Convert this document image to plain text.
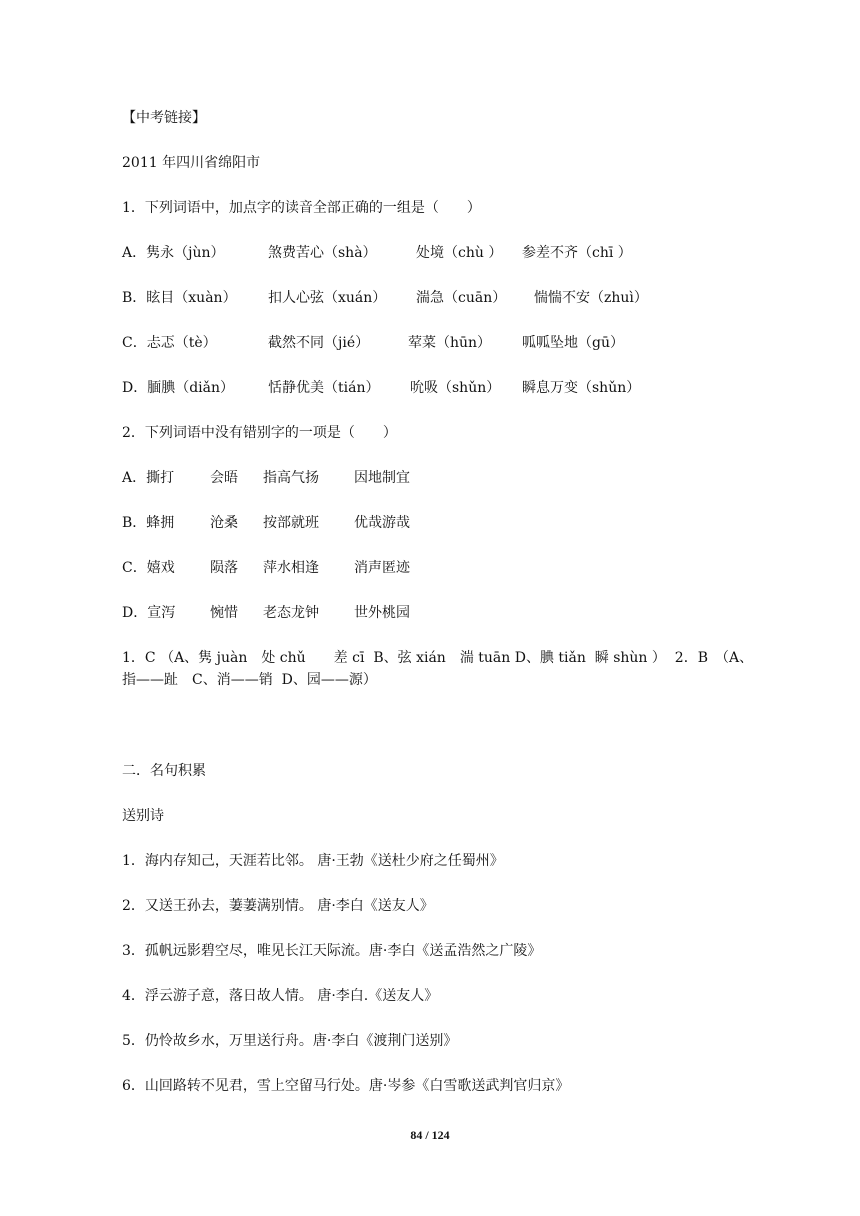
【中考链接】
2011 年四川省绵阳市
1．下列词语中，加点字的读音全部正确的一组是（　　）

A．隽永（jùn）

	煞费苦心（shà）

	处境（chù ）

参差不齐（chī ）

B．眩目（xuàn）

扣人心弦（xuán）

湍急（cuān）

惴惴不安（zhuì）

C．忐忑（tè）

	截然不同（jié）

	荤菜（hūn）

呱呱坠地（gū）

D．腼腆（diǎn）

恬静优美（tián）

吮吸（shǔn）

瞬息万变（shǔn）

2．下列词语中没有错别字的一项是（　　）

A．撕打

	会晤

指高气扬

	因地制宜

B．蜂拥

	沧桑

按部就班

	优哉游哉

C．嬉戏

	陨落

萍水相逢

	消声匿迹

D．宣泻

惋惜

老态龙钟

	世外桃园

1．C （A、隽 juàn　处 chǔ　　差 cī  B、弦 xián　湍 tuān D、腆 tiǎn  瞬 shùn ）  2．B　（A、
指——趾　C、消——销  D、园——源）
二．名句积累
送别诗
1．海内存知己，天涯若比邻。 唐·王勃《送杜少府之任蜀州》
2．又送王孙去，萋萋满别情。 唐·李白《送友人》
3．孤帆远影碧空尽，唯见长江天际流。唐·李白《送孟浩然之广陵》
4．浮云游子意，落日故人情。 唐·李白.《送友人》
5．仍怜故乡水，万里送行舟。唐·李白《渡荆门送别》
6．山回路转不见君，雪上空留马行处。唐·岑参《白雪歌送武判官归京》
84 / 124
